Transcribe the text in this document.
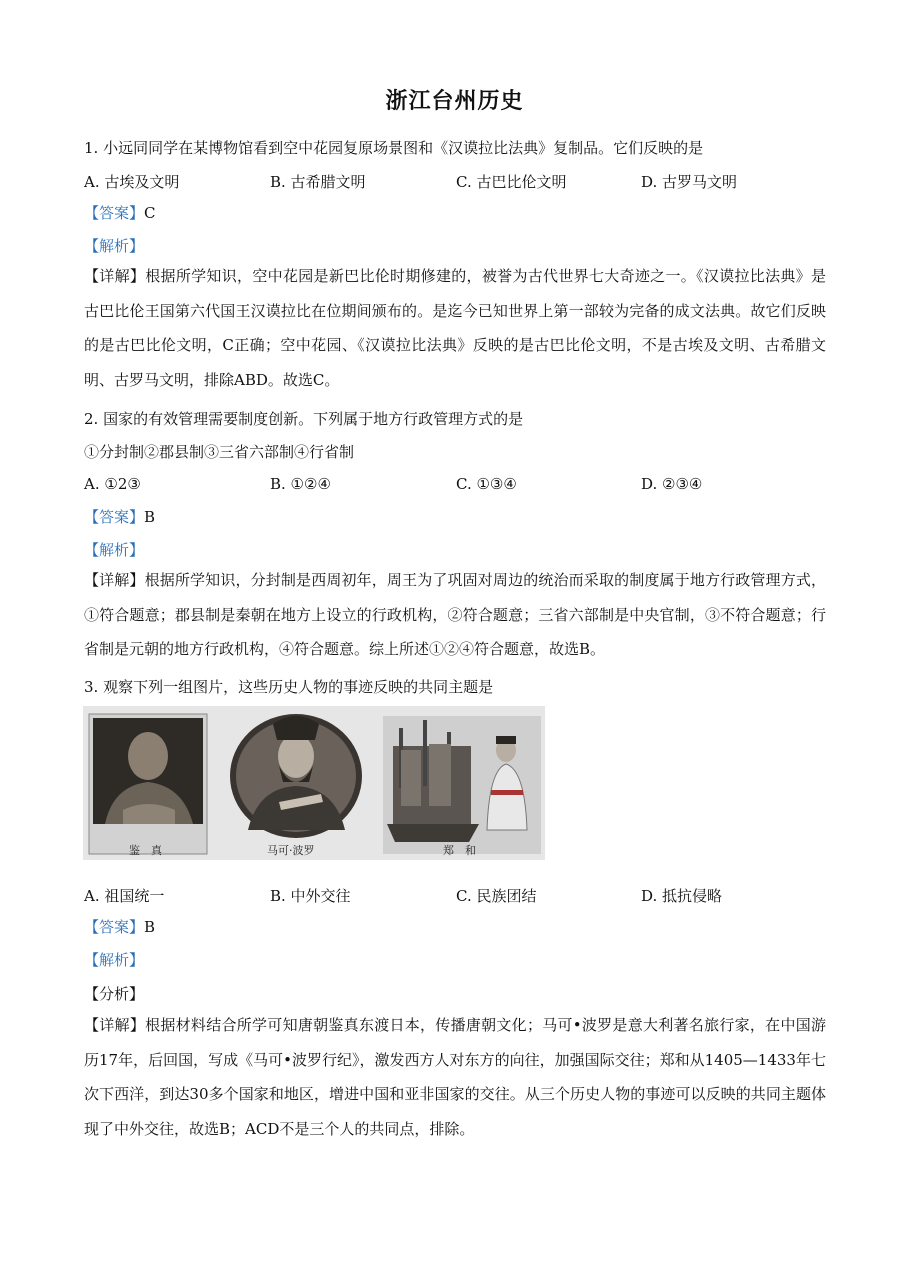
浙江台州历史
1. 小远同同学在某博物馆看到空中花园复原场景图和《汉谟拉比法典》复制品。它们反映的是
A. 古埃及文明	B. 古希腊文明	C. 古巴比伦文明	D. 古罗马文明
【答案】C
【解析】
【详解】根据所学知识，空中花园是新巴比伦时期修建的，被誉为古代世界七大奇迹之一。《汉谟拉比法典》是古巴比伦王国第六代国王汉谟拉比在位期间颁布的。是迄今已知世界上第一部较为完备的成文法典。故它们反映的是古巴比伦文明，C正确；空中花园、《汉谟拉比法典》反映的是古巴比伦文明，不是古埃及文明、古希腊文明、古罗马文明，排除ABD。故选C。
2. 国家的有效管理需要制度创新。下列属于地方行政管理方式的是
①分封制②郡县制③三省六部制④行省制
A. ①2③	B. ①②④	C. ①③④	D. ②③④
【答案】B
【解析】
【详解】根据所学知识，分封制是西周初年，周王为了巩固对周边的统治而采取的制度属于地方行政管理方式，①符合题意；郡县制是秦朝在地方上设立的行政机构，②符合题意；三省六部制是中央官制，③不符合题意；行省制是元朝的地方行政机构，④符合题意。综上所述①②④符合题意，故选B。
3. 观察下列一组图片，这些历史人物的事迹反映的共同主题是
鉴　真	马可·波罗	郑　和
A. 祖国统一	B. 中外交往	C. 民族团结	D. 抵抗侵略
【答案】B
【解析】
【分析】
【详解】根据材料结合所学可知唐朝鉴真东渡日本，传播唐朝文化；马可•波罗是意大利著名旅行家，在中国游历17年，后回国，写成《马可•波罗行纪》，激发西方人对东方的向往，加强国际交往；郑和从1405—1433年七次下西洋，到达30多个国家和地区，增进中国和亚非国家的交往。从三个历史人物的事迹可以反映的共同主题体现了中外交往，故选B；ACD不是三个人的共同点，排除。
